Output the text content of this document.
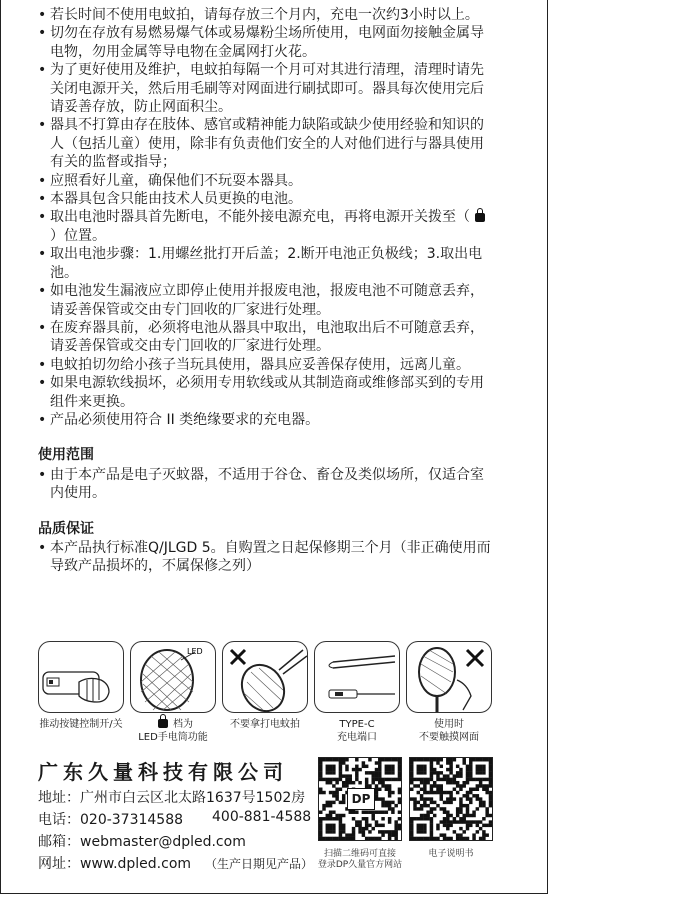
• 若长时间不使用电蚊拍，请每存放三个月内，充电一次约3小时以上。
• 切勿在存放有易燃易爆气体或易爆粉尘场所使用，电网面勿接触金属导电物，勿用金属等导电物在金属网打火花。
• 为了更好使用及维护，电蚊拍每隔一个月可对其进行清理，清理时请先关闭电源开关，然后用毛刷等对网面进行刷拭即可。器具每次使用完后请妥善存放，防止网面积尘。
• 器具不打算由存在肢体、感官或精神能力缺陷或缺少使用经验和知识的人（包括儿童）使用，除非有负责他们安全的人对他们进行与器具使用有关的监督或指导；
• 应照看好儿童，确保他们不玩耍本器具。
• 本器具包含只能由技术人员更换的电池。
• 取出电池时器具首先断电，不能外接电源充电，再将电源开关拨至（）位置。
• 取出电池步骤：1.用螺丝批打开后盖；2.断开电池正负极线；3.取出电池。
• 如电池发生漏液应立即停止使用并报废电池，报废电池不可随意丢弃，请妥善保管或交由专门回收的厂家进行处理。
• 在废弃器具前，必须将电池从器具中取出，电池取出后不可随意丢弃，请妥善保管或交由专门回收的厂家进行处理。
• 电蚊拍切勿给小孩子当玩具使用，器具应妥善保存使用，远离儿童。
• 如果电源软线损坏，必须用专用软线或从其制造商或维修部买到的专用组件来更换。
• 产品必须使用符合 II 类绝缘要求的充电器。
使用范围
• 由于本产品是电子灭蚊器，不适用于谷仓、畜仓及类似场所，仅适合室内使用。
品质保证
• 本产品执行标准Q/JLGD 5。自购置之日起保修期三个月（非正确使用而导致产品损坏的，不属保修之列）
LED
推动按键控制开/关	档为
LED手电筒功能
不要拿打电蚊拍	TYPE-C
充电端口
使用时
不要触摸网面
广东久量科技有限公司
地址：广州市白云区北太路1637号1502房
电话：020-37314588 400-881-4588
邮箱：webmaster@dpled.com
网址：www.dpled.com （生产日期见产品）
DP
扫描二维码可直接
登录DP久量官方网站
电子说明书
